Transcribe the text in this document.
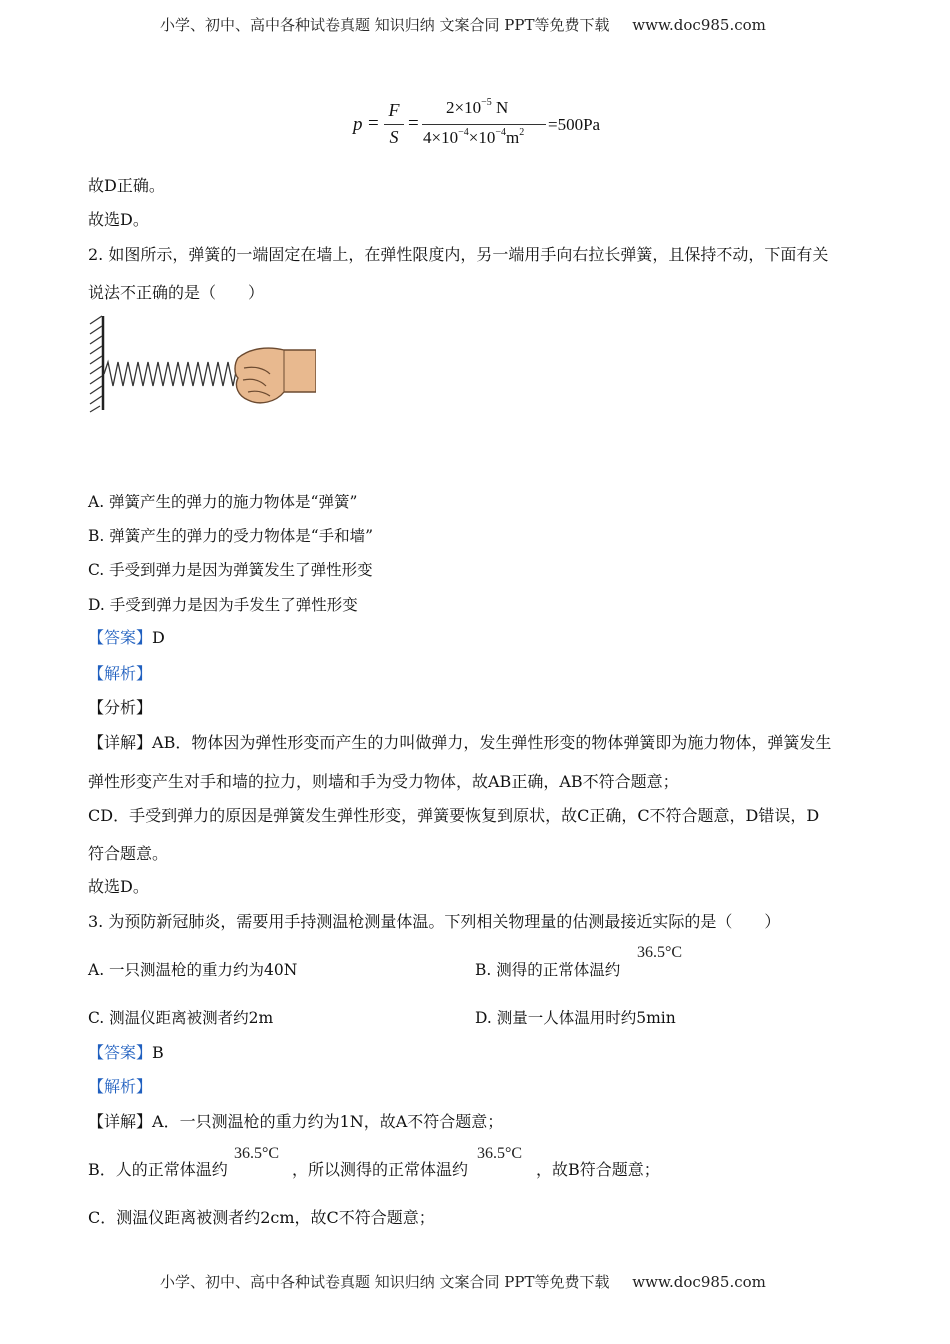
小学、初中、高中各种试卷真题 知识归纳 文案合同 PPT等免费下载 www.doc985.com
p =
F
S
=
$2\times 10^{-5}$ N
$4\times 10^{-4}\times 10^{-4}m^2 =500Pa$
故D正确。
故选D。
2. 如图所示，弹簧的一端固定在墙上，在弹性限度内，另一端用手向右拉长弹簧，且保持不动，下面有关
说法不正确的是（　　）
A. 弹簧产生的弹力的施力物体是“弹簧”
B. 弹簧产生的弹力的受力物体是“手和墙”
C. 手受到弹力是因为弹簧发生了弹性形变
D. 手受到弹力是因为手发生了弹性形变
【答案】D
【解析】
【分析】
【详解】AB．物体因为弹性形变而产生的力叫做弹力，发生弹性形变的物体弹簧即为施力物体，弹簧发生
弹性形变产生对手和墙的拉力，则墙和手为受力物体，故AB正确，AB不符合题意；
CD．手受到弹力的原因是弹簧发生弹性形变，弹簧要恢复到原状，故C正确，C不符合题意，D错误，D
符合题意。
故选D。
3. 为预防新冠肺炎，需要用手持测温枪测量体温。下列相关物理量的估测最接近实际的是（　　）
A. 一只测温枪的重力约为40N	B. 测得的正常体温约
36.5°C
C. 测温仪距离被测者约2m	D. 测量一人体温用时约5min
【答案】B
【解析】
【详解】A．一只测温枪的重力约为1N，故A不符合题意；
B．人的正常体温约
36.5°C
，所以测得的正常体温约
36.5°C
，故B符合题意；
C．测温仪距离被测者约2cm，故C不符合题意；
小学、初中、高中各种试卷真题 知识归纳 文案合同 PPT等免费下载 www.doc985.com
